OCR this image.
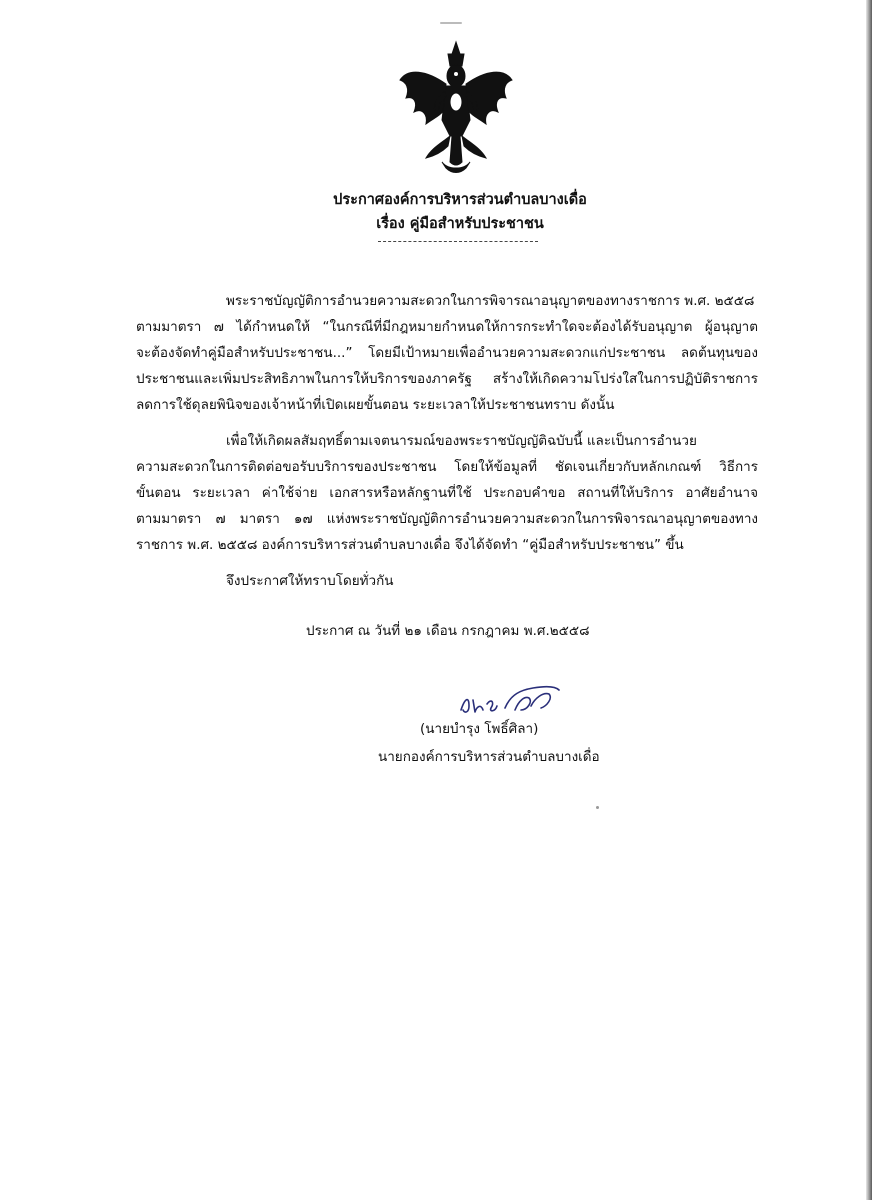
ประกาศองค์การบริหารส่วนตำบลบางเดื่อ
เรื่อง คู่มือสำหรับประชาชน
พระราชบัญญัติการอำนวยความสะดวกในการพิจารณาอนุญาตของทางราชการ พ.ศ. ๒๕๕๘
ตามมาตรา ๗ ได้กำหนดให้ “ในกรณีที่มีกฎหมายกำหนดให้การกระทำใดจะต้องได้รับอนุญาต ผู้อนุญาต
จะต้องจัดทำคู่มือสำหรับประชาชน...” โดยมีเป้าหมายเพื่ออำนวยความสะดวกแก่ประชาชน ลดต้นทุนของ
ประชาชนและเพิ่มประสิทธิภาพในการให้บริการของภาครัฐ สร้างให้เกิดความโปร่งใสในการปฏิบัติราชการ
ลดการใช้ดุลยพินิจของเจ้าหน้าที่เปิดเผยขั้นตอน ระยะเวลาให้ประชาชนทราบ ดังนั้น
เพื่อให้เกิดผลสัมฤทธิ์ตามเจตนารมณ์ของพระราชบัญญัติฉบับนี้ และเป็นการอำนวย
ความสะดวกในการติดต่อขอรับบริการของประชาชน โดยให้ข้อมูลที่ ชัดเจนเกี่ยวกับหลักเกณฑ์ วิธีการ
ขั้นตอน ระยะเวลา ค่าใช้จ่าย เอกสารหรือหลักฐานที่ใช้ ประกอบคำขอ สถานที่ให้บริการ อาศัยอำนาจ
ตามมาตรา ๗ มาตรา ๑๗ แห่งพระราชบัญญัติการอำนวยความสะดวกในการพิจารณาอนุญาตของทาง
ราชการ พ.ศ. ๒๕๕๘ องค์การบริหารส่วนตำบลบางเดื่อ จึงได้จัดทำ “คู่มือสำหรับประชาชน” ขึ้น
จึงประกาศให้ทราบโดยทั่วกัน
ประกาศ ณ วันที่ ๒๑ เดือน กรกฎาคม พ.ศ.๒๕๕๘
(นายบำรุง โพธิ์ศิลา)
นายกองค์การบริหารส่วนตำบลบางเดื่อ
